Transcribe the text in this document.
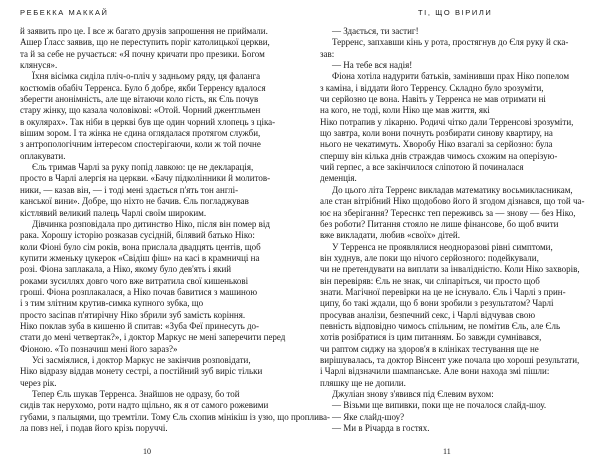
РЕБЕККА МАККАЙ
й заявить про це. І все ж багато друзів запрошення не приймали.
Ашер Ґласс заявив, що не переступить поріг католицької церкви,
та й за себе не ручається: «Я почну кричати про презики. Богом
клянуся».
Їхня вісімка сиділа пліч-о-пліч у задньому ряду, ця фаланга
костюмів обабіч Терренса. Було б добре, якби Терренсу вдалося
зберегти анонімність, але ще вітаючи коло гість, як Єль почув
стару жінку, що казала чоловікові: «Отой. Чорний джентльмен
в окулярах». Так ніби в церкві був ще один чорний хлопець з ціка-
вішим зором. І та жінка не єдина оглядалася протягом служби,
з антропологічним інтересом спостерігаючи, коли ж той почне
оплакувати.
Єль тримав Чарлі за руку попід лавкою: це не декларація,
просто в Чарлі алергія на церкви. «Бачу підколінники й молитов-
ники, — казав він, — і тоді мені здається п'ять тон англі-
канської вини». Добре, що ніхто не бачив. Єль погладжував
кістлявий великий палець Чарлі своїм широким.
Дівчинка розповідала про дитинство Ніко, після він помер від
рака. Хорошу історію розказав сусідній, білявий батько Ніко:
коли Фіоні було сім років, вона прислала двадцять центів, щоб
купити жменьку цукерок «Свідіш фіш» на касі в крамничці на
розі. Фіона заплакала, а Ніко, якому було дев'ять і який
роками зусиллях довго чого вже витратила свої кишенькові
гроші. Фіона розплакалася, а Ніко почав бавитися з машиною
і з тим злітним крутив-симка купного зубка, що
просто засіпав п'ятирічну Ніко збрили зуб замість коріння.
Ніко поклав зуба в кишеню й спитав: «Зуба Феї принесуть до-
стати до мені четвертак?», і доктор Маркус не мені заперечити перед
Фіоною. «То позначиш мені його зараз?»
Усі засміялися, і доктор Маркус не закінчив розповідати,
Ніко відразу віддав монету сестрі, а постійний зуб виріс тільки
через рік.
Тепер Єль шукав Терренса. Знайшов не одразу, бо той
сидів так нерухомо, роти надто щільно, як я от самого рожевими
губами, з пальцями, що тремтіли. Тому Єль схопив мінікіш із узю, що проплива-
ла повз неї, і подав його крізь поруччі.
10
ТІ, ЩО ВІРИЛИ
— Здається, ти застиг!
Терренс, запхавши кінь у рота, простягнув до Єля руку й ска-
зав:
— На тебе вся надія!
Фіона хотіла надурити батьків, замінивши прах Ніко попелом
з каміна, і віддати його Терренсу. Складно було зрозуміти,
чи серйозно це вона. Навіть у Терренса не мав отримати ні
на кого, не тоді, коли Ніко ще мав життя, які
Ніко потрапив у лікарню. Родичі чітко дали Терренсові зрозуміти,
що завтра, коли вони почнуть розбирати синову квартиру, на
нього не чекатимуть. Хворобу Ніко взагалі за серйозно: була
спершу він кілька днів страждав чимось схожим на оперізую-
чий герпес, а все закінчилося сліпотою й починалася
деменція.
До цього літа Терренс викладав математику восьмикласникам,
але стан вітрібний Ніко щодобово його й згодом дізнався, що той ча-
ює на зберігання? Тереснкс теп переживсь за — знову — без Ніко,
без роботи? Питання стояло не лише фінансове, бо щоб вчити
вже викладати, любив «своїх» дітей.
У Терренса не проявлялися неодноразові рівні симптоми,
він худнув, але поки що нічого серйозного: подейкували,
чи не претендувати на виплати за інвалідністю. Коли Ніко захворів,
він перевіряв: Єль не знак, чи сліпаріться, чи просто щоб
знати. Магічної перевірки на це не існувало. Єль і Чарлі з прин-
ципу, бо такі ждали, що б вони зробили з результатом? Чарлі
просував аналізи, безпечний секс, і Чарлі відчував свою
певність відповідно чимось спільним, не помітив Єль, але Єль
хотів розібратися із цим питанням. Бо завжди сумнівався,
чи раптом сиджу на здоров'я в клініках тестування ще не
вирішувалась, та доктор Вінсент уже почала цю хороші результати,
і Чарлі відзначили шампанське. Але вони находа змі пішли:
пляшку ще не допили.
Джуліан знову з'явився під Єлевим вухом:
— Візьми ще випивки, поки ще не почалося слайд-шоу.
— Яке слайд-шоу?
— Ми в Річарда в гостях.
11
